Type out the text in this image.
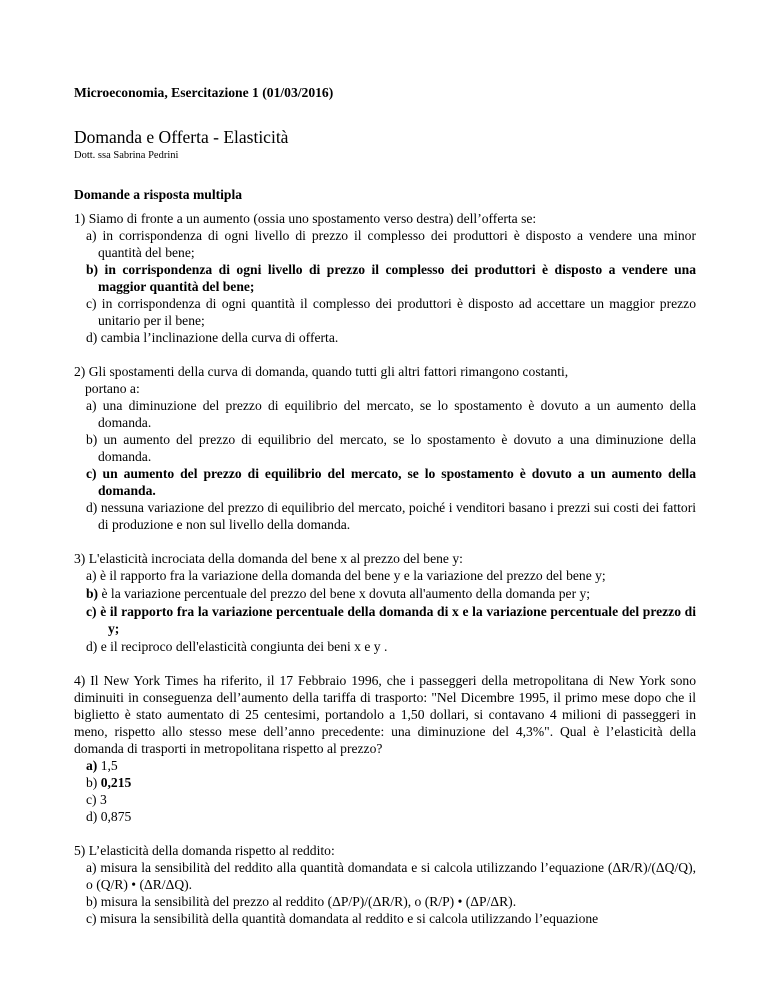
Microeconomia, Esercitazione 1 (01/03/2016)

Domanda e Offerta - Elasticità

Dott. ssa Sabrina Pedrini

Domande a risposta multipla

1) Siamo di fronte a un aumento (ossia uno spostamento verso destra) dell’offerta se:

a) in corrispondenza di ogni livello di prezzo il complesso dei produttori è disposto a vendere una minor quantità del bene;

b) in corrispondenza di ogni livello di prezzo il complesso dei produttori è disposto a vendere una maggior quantità del bene;

c) in corrispondenza di ogni quantità il complesso dei produttori è disposto ad accettare un maggior prezzo unitario per il bene;

d) cambia l’inclinazione della curva di offerta.

2) Gli spostamenti della curva di domanda, quando tutti gli altri fattori rimangono costanti, portano a:

a) una diminuzione del prezzo di equilibrio del mercato, se lo spostamento è dovuto a un aumento della domanda.

b) un aumento del prezzo di equilibrio del mercato, se lo spostamento è dovuto a una diminuzione della domanda.

c) un aumento del prezzo di equilibrio del mercato, se lo spostamento è dovuto a un aumento della domanda.

d) nessuna variazione del prezzo di equilibrio del mercato, poiché i venditori basano i prezzi sui costi dei fattori di produzione e non sul livello della domanda.

3) L'elasticità incrociata della domanda del bene x al prezzo del bene y:

a) è il rapporto fra la variazione della domanda del bene y e la variazione del prezzo del bene y;

b) è la variazione percentuale del prezzo del bene x dovuta all'aumento della domanda per y;

c) è il rapporto fra la variazione percentuale della domanda di x e la variazione percentuale del prezzo di y;

d) e il reciproco dell'elasticità congiunta dei beni x e y .

4) Il New York Times ha riferito, il 17 Febbraio 1996, che i passeggeri della metropolitana di New York sono diminuiti in conseguenza dell’aumento della tariffa di trasporto: "Nel Dicembre 1995, il primo mese dopo che il biglietto è stato aumentato di 25 centesimi, portandolo a 1,50 dollari, si contavano 4 milioni di passeggeri in meno, rispetto allo stesso mese dell’anno precedente: una diminuzione del 4,3%". Qual è l’elasticità della domanda di trasporti in metropolitana rispetto al prezzo?

a) 1,5

b) 0,215

c) 3

d) 0,875

5) L’elasticità della domanda rispetto al reddito:

a) misura la sensibilità del reddito alla quantità domandata e si calcola utilizzando l’equazione (ΔR/R)/(ΔQ/Q), o (Q/R) • (ΔR/ΔQ).

b) misura la sensibilità del prezzo al reddito (ΔP/P)/(ΔR/R), o (R/P) • (ΔP/ΔR).

c) misura la sensibilità della quantità domandata al reddito e si calcola utilizzando l’equazione
